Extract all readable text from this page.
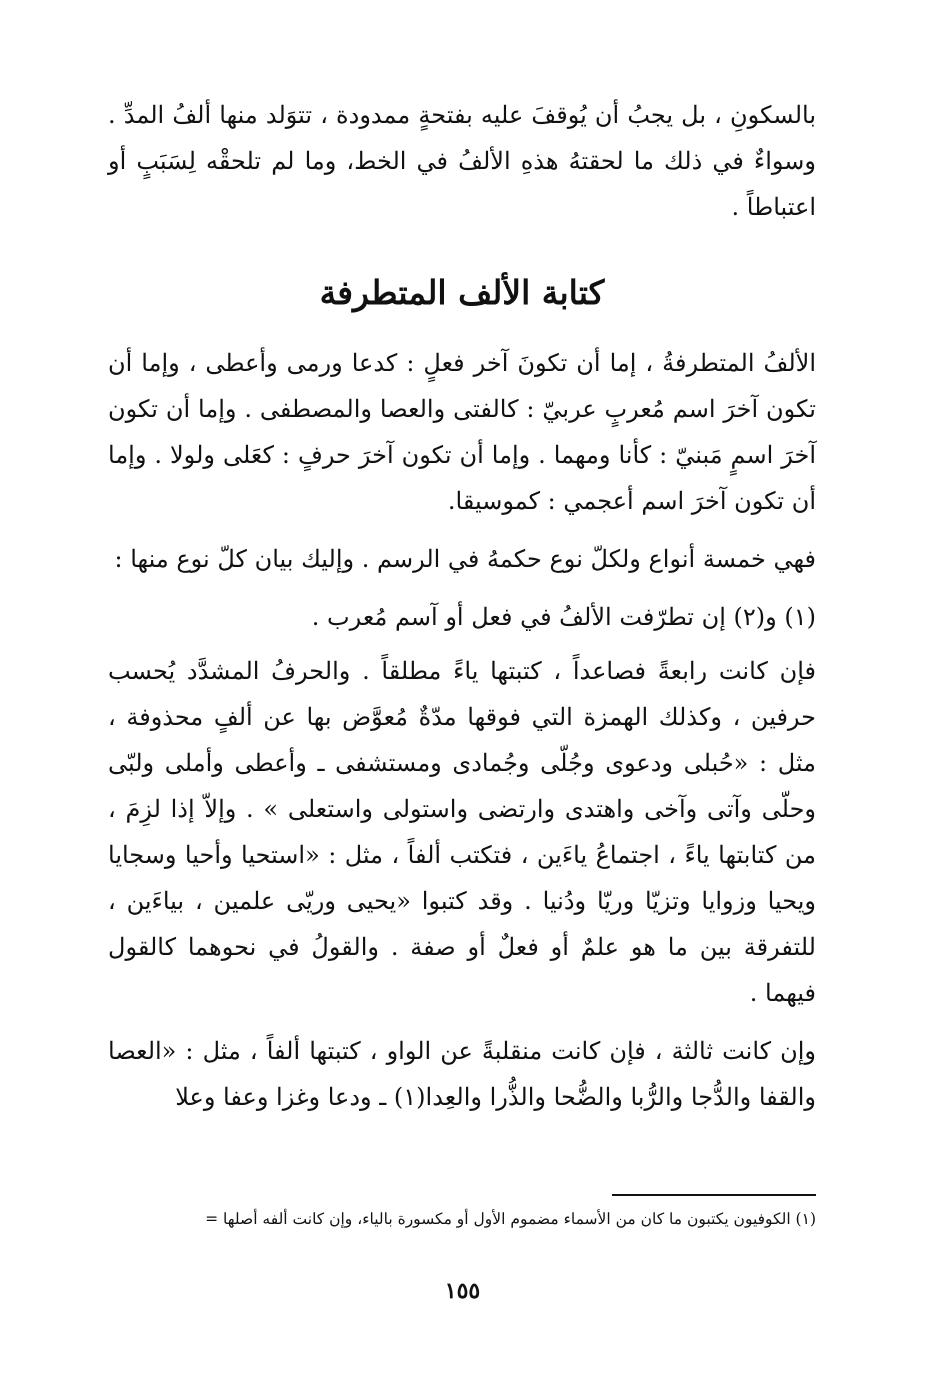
بالسكونِ ، بل يجبُ أن يُوقفَ عليه بفتحةٍ ممدودة ، تتوَلد منها ألفُ المدِّ . وسواءٌ في ذلك ما لحقتهُ هذهِ الألفُ في الخط، وما لم تلحقْه لِسَبَبٍ أو اعتباطاً .

كتابة الألف المتطرفة

الألفُ المتطرفةُ ، إما أن تكونَ آخر فعلٍ : كدعا ورمى وأعطى ، وإما أن تكون آخرَ اسم مُعربٍ عربيّ : كالفتى والعصا والمصطفى . وإما أن تكون آخرَ اسمٍ مَبنيّ : كأنا ومهما . وإما أن تكون آخرَ حرفٍ : كعَلى ولولا . وإما أن تكون آخرَ اسم أعجمي : كموسيقا.

فهي خمسة أنواع ولكلّ نوع حكمهُ في الرسم . وإليك بيان كلّ نوع منها :

(١) و(٢) إن تطرّفت الألفُ في فعل أو آسم مُعرب .

فإن كانت رابعةً فصاعداً ، كتبتها ياءً مطلقاً . والحرفُ المشدَّد يُحسب حرفين ، وكذلك الهمزة التي فوقها مدّةٌ مُعوَّض بها عن ألفٍ محذوفة ، مثل : «حُبلى ودعوى وجُلّى وجُمادى ومستشفى ـ وأعطى وأملى ولبّى وحلّى وآتى وآخى واهتدى وارتضى واستولى واستعلى » . وإلاّ إذا لزِمَ ، من كتابتها ياءً ، اجتماعُ ياءَين ، فتكتب ألفاً ، مثل : «استحيا وأحيا وسجايا ويحيا وزوايا وتزيّا وريّا ودُنيا . وقد كتبوا «يحيى وريّى علمين ، بياءَين ، للتفرقة بين ما هو علمٌ أو فعلٌ أو صفة . والقولُ في نحوهما كالقول فيهما .

وإن كانت ثالثة ، فإن كانت منقلبةً عن الواو ، كتبتها ألفاً ، مثل : «العصا والقفا والدُّجا والرُّبا والضُّحا والذُّرا والعِدا(١) ـ ودعا وغزا وعفا وعلا

(١) الكوفيون يكتبون ما كان من الأسماء مضموم الأول أو مكسورة بالياء، وإن كانت ألفه أصلها =
١٥٥
